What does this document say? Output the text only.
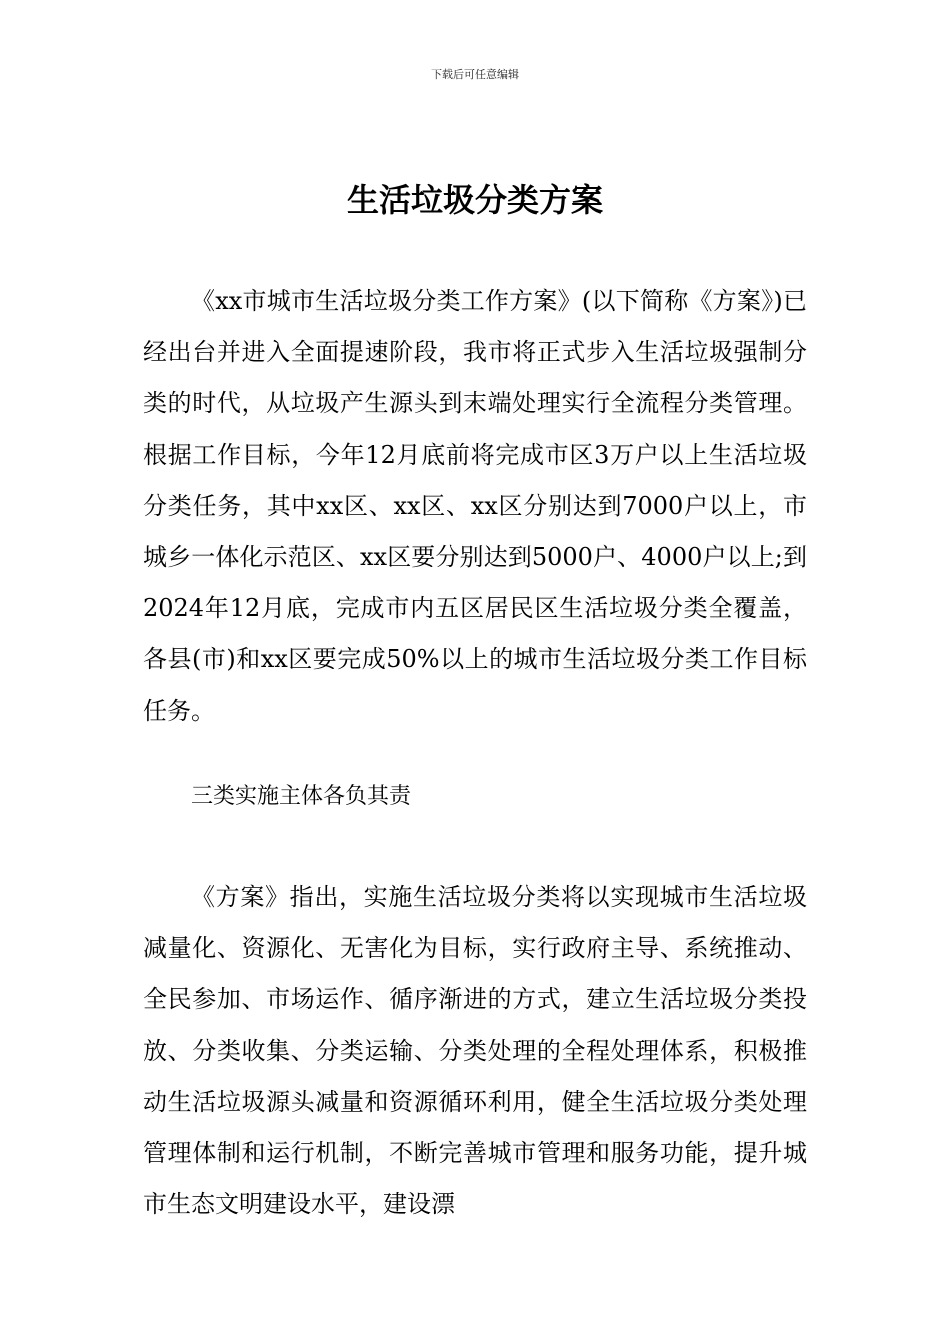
下载后可任意编辑
生活垃圾分类方案

《xx市城市生活垃圾分类工作方案》(以下简称《方案》)已经出台并进入全面提速阶段，我市将正式步入生活垃圾强制分类的时代，从垃圾产生源头到末端处理实行全流程分类管理。根据工作目标，今年12月底前将完成市区3万户以上生活垃圾分类任务，其中xx区、xx区、xx区分别达到7000户以上，市城乡一体化示范区、xx区要分别达到5000户、4000户以上;到2024年12月底，完成市内五区居民区生活垃圾分类全覆盖，各县(市)和xx区要完成50%以上的城市生活垃圾分类工作目标任务。

三类实施主体各负其责

《方案》指出，实施生活垃圾分类将以实现城市生活垃圾减量化、资源化、无害化为目标，实行政府主导、系统推动、全民参加、市场运作、循序渐进的方式，建立生活垃圾分类投放、分类收集、分类运输、分类处理的全程处理体系，积极推动生活垃圾源头减量和资源循环利用，健全生活垃圾分类处理管理体制和运行机制，不断完善城市管理和服务功能，提升城市生态文明建设水平，建设漂
